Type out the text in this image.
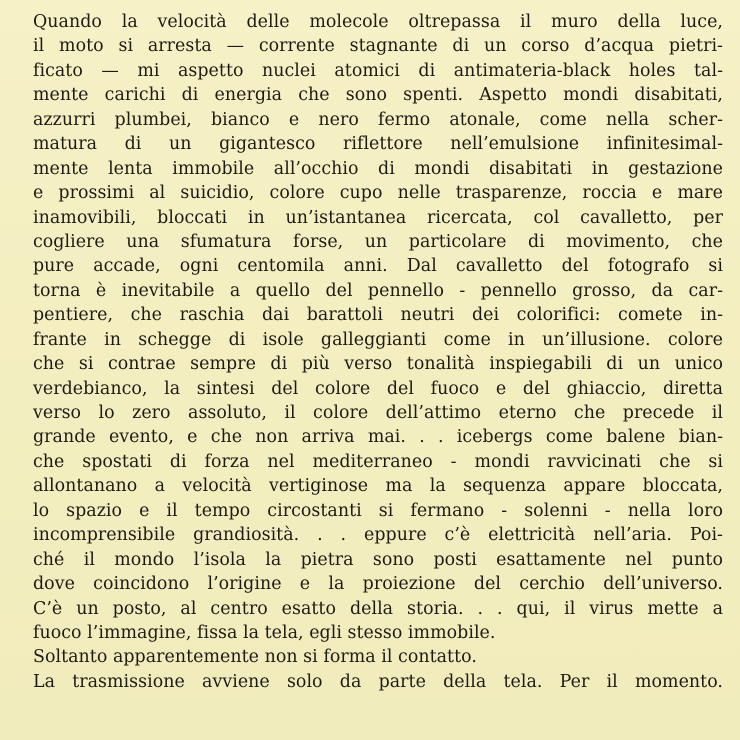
Quando la velocità delle molecole oltrepassa il muro della luce,
il moto si arresta — corrente stagnante di un corso d’acqua pietri-
ficato — mi aspetto nuclei atomici di antimateria-black holes tal-
mente carichi di energia che sono spenti. Aspetto mondi disabitati,
azzurri plumbei, bianco e nero fermo atonale, come nella scher-
matura di un gigantesco riflettore nell’emulsione infinitesimal-
mente lenta immobile all’occhio di mondi disabitati in gestazione
e prossimi al suicidio, colore cupo nelle trasparenze, roccia e mare
inamovibili, bloccati in un’istantanea ricercata, col cavalletto, per
cogliere una sfumatura forse, un particolare di movimento, che
pure accade, ogni centomila anni. Dal cavalletto del fotografo si
torna è inevitabile a quello del pennello - pennello grosso, da car-
pentiere, che raschia dai barattoli neutri dei colorifici: comete in-
frante in schegge di isole galleggianti come in un’illusione. colore
che si contrae sempre di più verso tonalità inspiegabili di un unico
verdebianco, la sintesi del colore del fuoco e del ghiaccio, diretta
verso lo zero assoluto, il colore dell’attimo eterno che precede il
grande evento, e che non arriva mai. . . icebergs come balene bian-
che spostati di forza nel mediterraneo - mondi ravvicinati che si
allontanano a velocità vertiginose ma la sequenza appare bloccata,
lo spazio e il tempo circostanti si fermano - solenni - nella loro
incomprensibile grandiosità. . . eppure c’è elettricità nell’aria. Poi-
ché il mondo l’isola la pietra sono posti esattamente nel punto
dove coincidono l’origine e la proiezione del cerchio dell’universo.
C’è un posto, al centro esatto della storia. . . qui, il virus mette a
fuoco l’immagine, fissa la tela, egli stesso immobile.
Soltanto apparentemente non si forma il contatto.
La trasmissione avviene solo da parte della tela. Per il momento.
